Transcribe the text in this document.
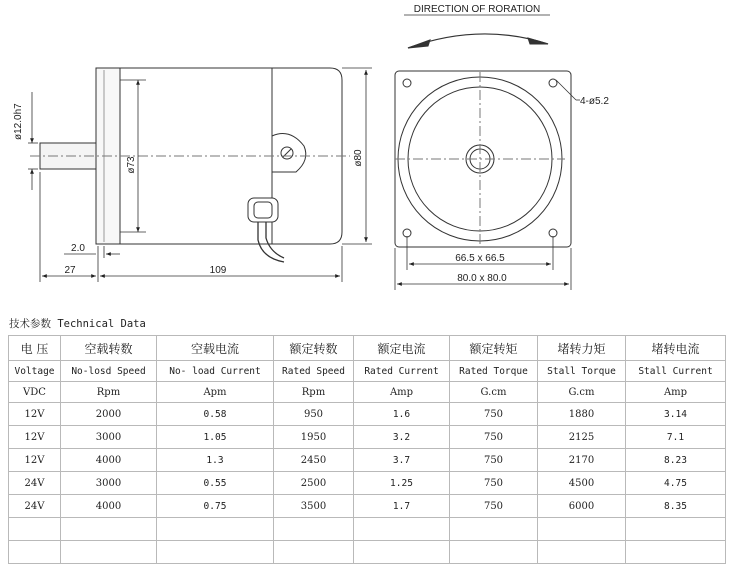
ø12.0h7
ø73	ø80
2.0
27	109
DIRECTION OF RORATION
66.5 x 66.5
80.0 x 80.0
4-ø5.2
技术参数 Technical Data
电 压	空载转数	空载电流	额定转数	额定电流	额定转矩	堵转力矩	堵转电流
Voltage	No-losd Speed	No- load Current	Rated Speed	Rated Current	Rated Torque	Stall Torque	Stall Current
VDC	Rpm	Apm	Rpm	Amp	G.cm	G.cm	Amp
12V	2000	0.58	950	1.6	750	1880	3.14
12V	3000	1.05	1950	3.2	750	2125	7.1
12V	4000	1.3	2450	3.7	750	2170	8.23
24V	3000	0.55	2500	1.25	750	4500	4.75
24V	4000	0.75	3500	1.7	750	6000	8.35
